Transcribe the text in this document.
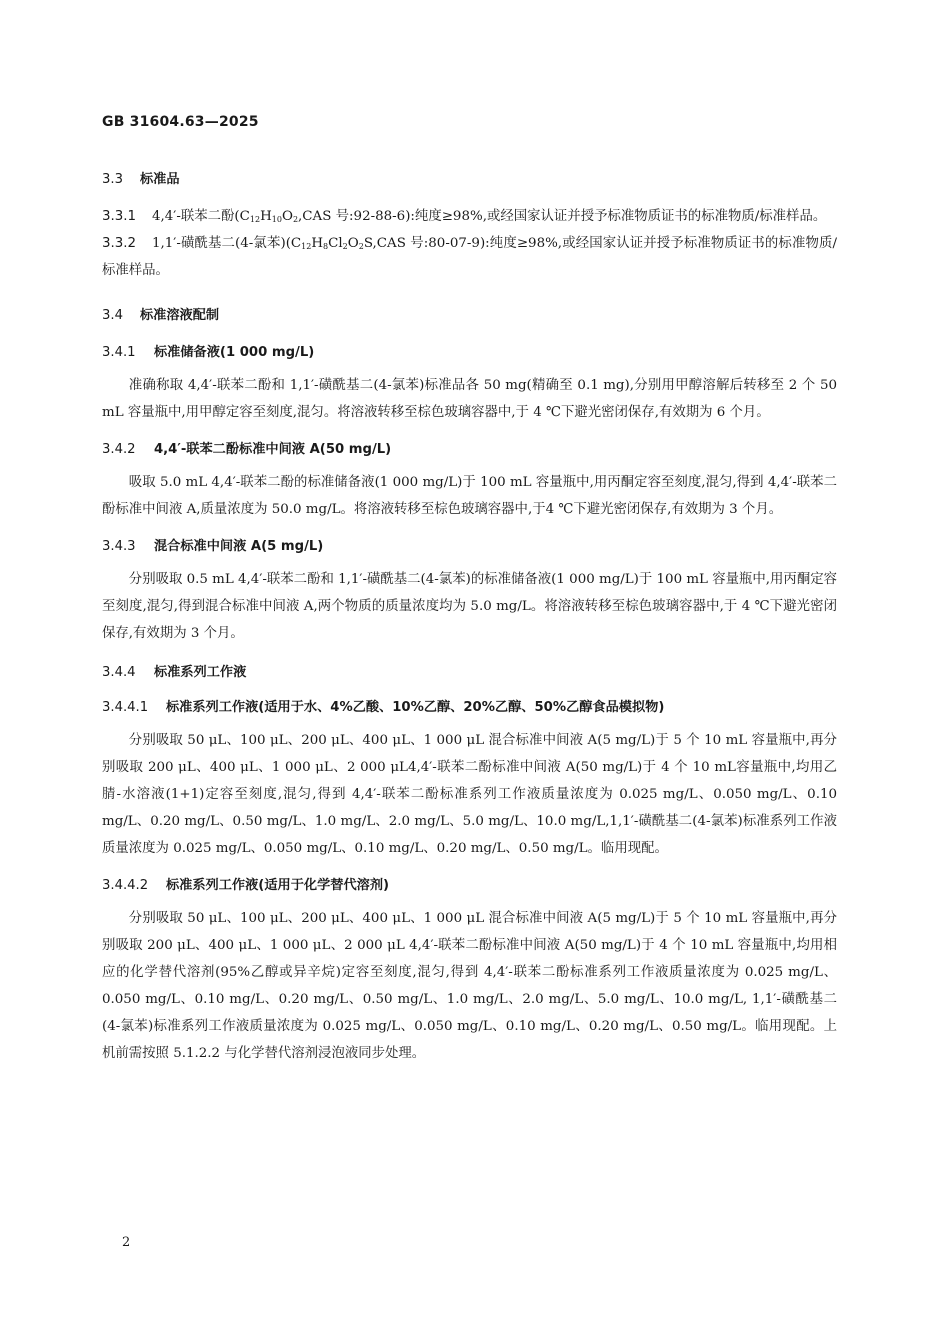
GB 31604.63—2025
3.3 标准品

3.3.1 4,4′-联苯二酚($C_{12}H_{10}O_2,CAS$ 号:92-88-6):纯度≥98%,或经国家认证并授予标准物质证书的标准物质/标准样品。

3.3.2 1,1′-磺酰基二(4-氯苯)($C_{12}H_8Cl_2O_2S,CAS$ 号:80-07-9):纯度≥98%,或经国家认证并授予标准物质证书的标准物质/标准样品。

3.4 标准溶液配制
3.4.1 标准储备液(1 000 mg/L)

准确称取 4,4′-联苯二酚和 1,1′-磺酰基二(4-氯苯)标准品各 50 mg(精确至 0.1 mg),分别用甲醇溶解后转移至 2 个 50 mL 容量瓶中,用甲醇定容至刻度,混匀。将溶液转移至棕色玻璃容器中,于 4 ℃下避光密闭保存,有效期为 6 个月。

3.4.2 4,4′-联苯二酚标准中间液 A(50 mg/L)

吸取 5.0 mL 4,4′-联苯二酚的标准储备液(1 000 mg/L)于 100 mL 容量瓶中,用丙酮定容至刻度,混匀,得到 4,4′-联苯二酚标准中间液 A,质量浓度为 50.0 mg/L。将溶液转移至棕色玻璃容器中,于4 ℃下避光密闭保存,有效期为 3 个月。

3.4.3 混合标准中间液 A(5 mg/L)

分别吸取 0.5 mL 4,4′-联苯二酚和 1,1′-磺酰基二(4-氯苯)的标准储备液(1 000 mg/L)于 100 mL 容量瓶中,用丙酮定容至刻度,混匀,得到混合标准中间液 A,两个物质的质量浓度均为 5.0 mg/L。将溶液转移至棕色玻璃容器中,于 4 ℃下避光密闭保存,有效期为 3 个月。

3.4.4 标准系列工作液
3.4.4.1 标准系列工作液(适用于水、4%乙酸、10%乙醇、20%乙醇、50%乙醇食品模拟物)

分别吸取 50 μL、100 μL、200 μL、400 μL、1 000 μL 混合标准中间液 A(5 mg/L)于 5 个 10 mL 容量瓶中,再分别吸取 200 μL、400 μL、1 000 μL、2 000 μL4,4′-联苯二酚标准中间液 A(50 mg/L)于 4 个 10 mL容量瓶中,均用乙腈-水溶液(1+1)定容至刻度,混匀,得到 4,4′-联苯二酚标准系列工作液质量浓度为 0.025 mg/L、0.050 mg/L、0.10 mg/L、0.20 mg/L、0.50 mg/L、1.0 mg/L、2.0 mg/L、5.0 mg/L、10.0 mg/L,1,1′-磺酰基二(4-氯苯)标准系列工作液质量浓度为 0.025 mg/L、0.050 mg/L、0.10 mg/L、0.20 mg/L、0.50 mg/L。临用现配。

3.4.4.2 标准系列工作液(适用于化学替代溶剂)

分别吸取 50 μL、100 μL、200 μL、400 μL、1 000 μL 混合标准中间液 A(5 mg/L)于 5 个 10 mL 容量瓶中,再分别吸取 200 μL、400 μL、1 000 μL、2 000 μL 4,4′-联苯二酚标准中间液 A(50 mg/L)于 4 个 10 mL 容量瓶中,均用相应的化学替代溶剂(95%乙醇或异辛烷)定容至刻度,混匀,得到 4,4′-联苯二酚标准系列工作液质量浓度为 0.025 mg/L、0.050 mg/L、0.10 mg/L、0.20 mg/L、0.50 mg/L、1.0 mg/L、2.0 mg/L、5.0 mg/L、10.0 mg/L, 1,1′-磺酰基二(4-氯苯)标准系列工作液质量浓度为 0.025 mg/L、0.050 mg/L、0.10 mg/L、0.20 mg/L、0.50 mg/L。临用现配。上机前需按照 5.1.2.2 与化学替代溶剂浸泡液同步处理。

2
